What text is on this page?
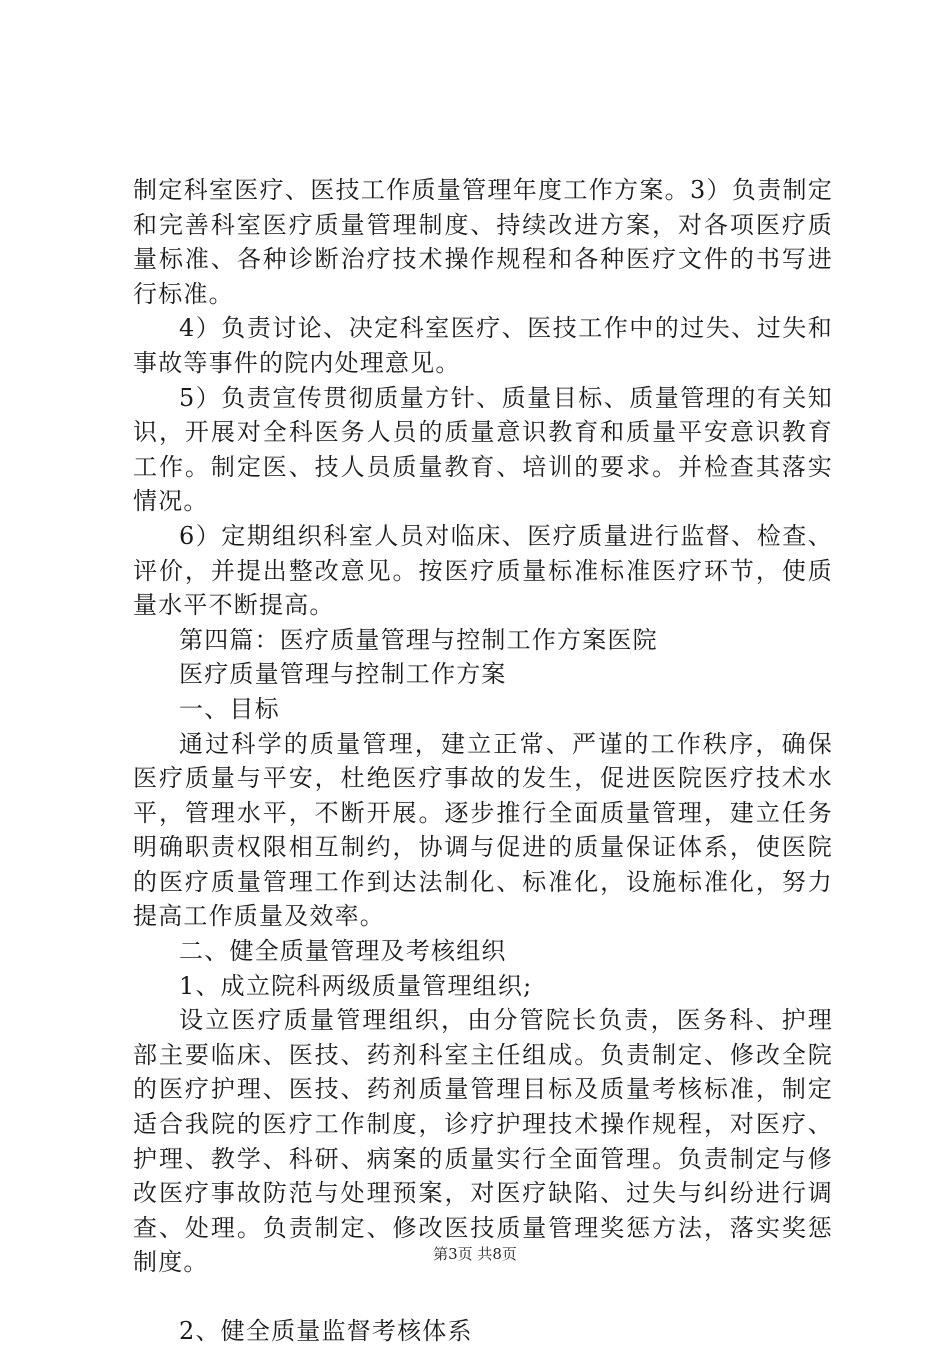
制定科室医疗、医技工作质量管理年度工作方案。3）负责制定和完善科室医疗质量管理制度、持续改进方案，对各项医疗质量标准、各种诊断治疗技术操作规程和各种医疗文件的书写进行标准。

4）负责讨论、决定科室医疗、医技工作中的过失、过失和事故等事件的院内处理意见。

5）负责宣传贯彻质量方针、质量目标、质量管理的有关知识，开展对全科医务人员的质量意识教育和质量平安意识教育工作。制定医、技人员质量教育、培训的要求。并检查其落实情况。

6）定期组织科室人员对临床、医疗质量进行监督、检查、评价，并提出整改意见。按医疗质量标准标准医疗环节，使质量水平不断提高。

第四篇：医疗质量管理与控制工作方案医院

医疗质量管理与控制工作方案

一、目标

通过科学的质量管理，建立正常、严谨的工作秩序，确保医疗质量与平安，杜绝医疗事故的发生，促进医院医疗技术水平，管理水平，不断开展。逐步推行全面质量管理，建立任务明确职责权限相互制约，协调与促进的质量保证体系，使医院的医疗质量管理工作到达法制化、标准化，设施标准化，努力提高工作质量及效率。

二、健全质量管理及考核组织

1、成立院科两级质量管理组织;

设立医疗质量管理组织，由分管院长负责，医务科、护理部主要临床、医技、药剂科室主任组成。负责制定、修改全院的医疗护理、医技、药剂质量管理目标及质量考核标准，制定适合我院的医疗工作制度，诊疗护理技术操作规程，对医疗、护理、教学、科研、病案的质量实行全面管理。负责制定与修改医疗事故防范与处理预案，对医疗缺陷、过失与纠纷进行调查、处理。负责制定、修改医技质量管理奖惩方法，落实奖惩制度。

2、健全质量监督考核体系

第3页 共8页
